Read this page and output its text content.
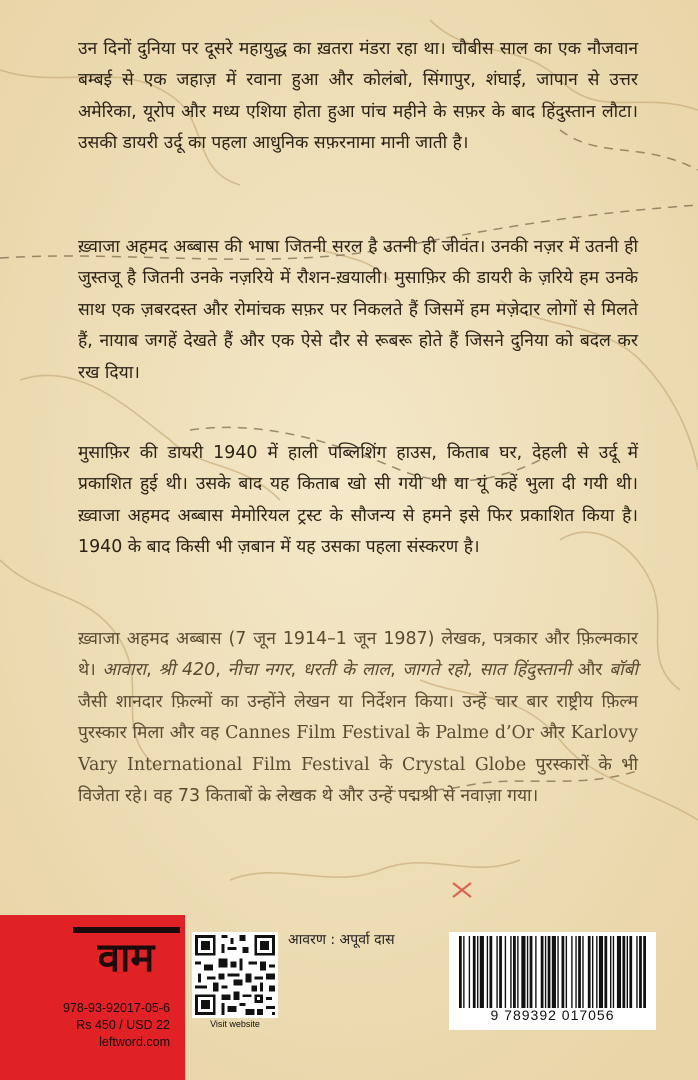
उन दिनों दुनिया पर दूसरे महायुद्ध का ख़तरा मंडरा रहा था। चौबीस साल का एक नौजवान बम्बई से एक जहाज़ में रवाना हुआ और कोलंबो, सिंगापुर, शंघाई, जापान से उत्तर अमेरिका, यूरोप और मध्य एशिया होता हुआ पांच महीने के सफ़र के बाद हिंदुस्तान लौटा। उसकी डायरी उर्दू का पहला आधुनिक सफ़रनामा मानी जाती है।

ख़्वाजा अहमद अब्बास की भाषा जितनी सरल है उतनी ही जीवंत। उनकी नज़र में उतनी ही जुस्तजू है जितनी उनके नज़रिये में रौशन-ख़याली। मुसाफ़िर की डायरी के ज़रिये हम उनके साथ एक ज़बरदस्त और रोमांचक सफ़र पर निकलते हैं जिसमें हम मज़ेदार लोगों से मिलते हैं, नायाब जगहें देखते हैं और एक ऐसे दौर से रूबरू होते हैं जिसने दुनिया को बदल कर रख दिया।

मुसाफ़िर की डायरी 1940 में हाली पब्लिशिंग हाउस, किताब घर, देहली से उर्दू में प्रकाशित हुई थी। उसके बाद यह किताब खो सी गयी थी या यूं कहें भुला दी गयी थी। ख़्वाजा अहमद अब्बास मेमोरियल ट्रस्ट के सौजन्य से हमने इसे फिर प्रकाशित किया है। 1940 के बाद किसी भी ज़बान में यह उसका पहला संस्करण है।

ख़्वाजा अहमद अब्बास (7 जून 1914–1 जून 1987) लेखक, पत्रकार और फ़िल्मकार थे। आवारा, श्री 420, नीचा नगर, धरती के लाल, जागते रहो, सात हिंदुस्तानी और बॉबी जैसी शानदार फ़िल्मों का उन्होंने लेखन या निर्देशन किया। उन्हें चार बार राष्ट्रीय फ़िल्म पुरस्कार मिला और वह Cannes Film Festival के Palme d’Or और Karlovy Vary International Film Festival के Crystal Globe पुरस्कारों के भी विजेता रहे। वह 73 किताबों के लेखक थे और उन्हें पद्मश्री से नवाज़ा गया।

वाम
978-93-92017-05-6
Rs 450 / USD 22
leftword.com
Visit website
आवरण : अपूर्वा दास
9 789392 017056
